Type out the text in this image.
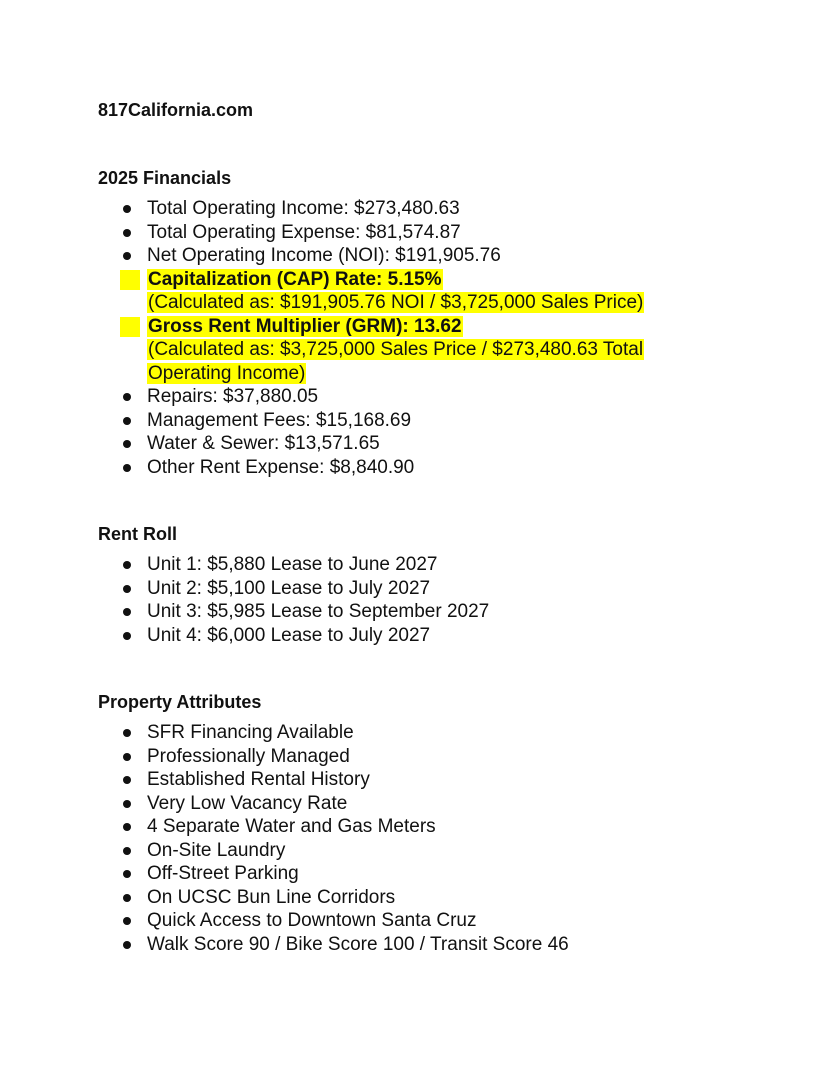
817California.com
2025 Financials
Total Operating Income: $273,480.63
Total Operating Expense: $81,574.87
Net Operating Income (NOI): $191,905.76
Capitalization (CAP) Rate: 5.15%
(Calculated as: $191,905.76 NOI / $3,725,000 Sales Price)
Gross Rent Multiplier (GRM): 13.62
(Calculated as: $3,725,000 Sales Price / $273,480.63 Total
Operating Income)
Repairs: $37,880.05
Management Fees: $15,168.69
Water & Sewer: $13,571.65
Other Rent Expense: $8,840.90
Rent Roll
Unit 1: $5,880 Lease to June 2027
Unit 2: $5,100 Lease to July 2027
Unit 3: $5,985 Lease to September 2027
Unit 4: $6,000 Lease to July 2027
Property Attributes
SFR Financing Available
Professionally Managed
Established Rental History
Very Low Vacancy Rate
4 Separate Water and Gas Meters
On-Site Laundry
Off-Street Parking
On UCSC Bun Line Corridors
Quick Access to Downtown Santa Cruz
Walk Score 90 / Bike Score 100 / Transit Score 46
